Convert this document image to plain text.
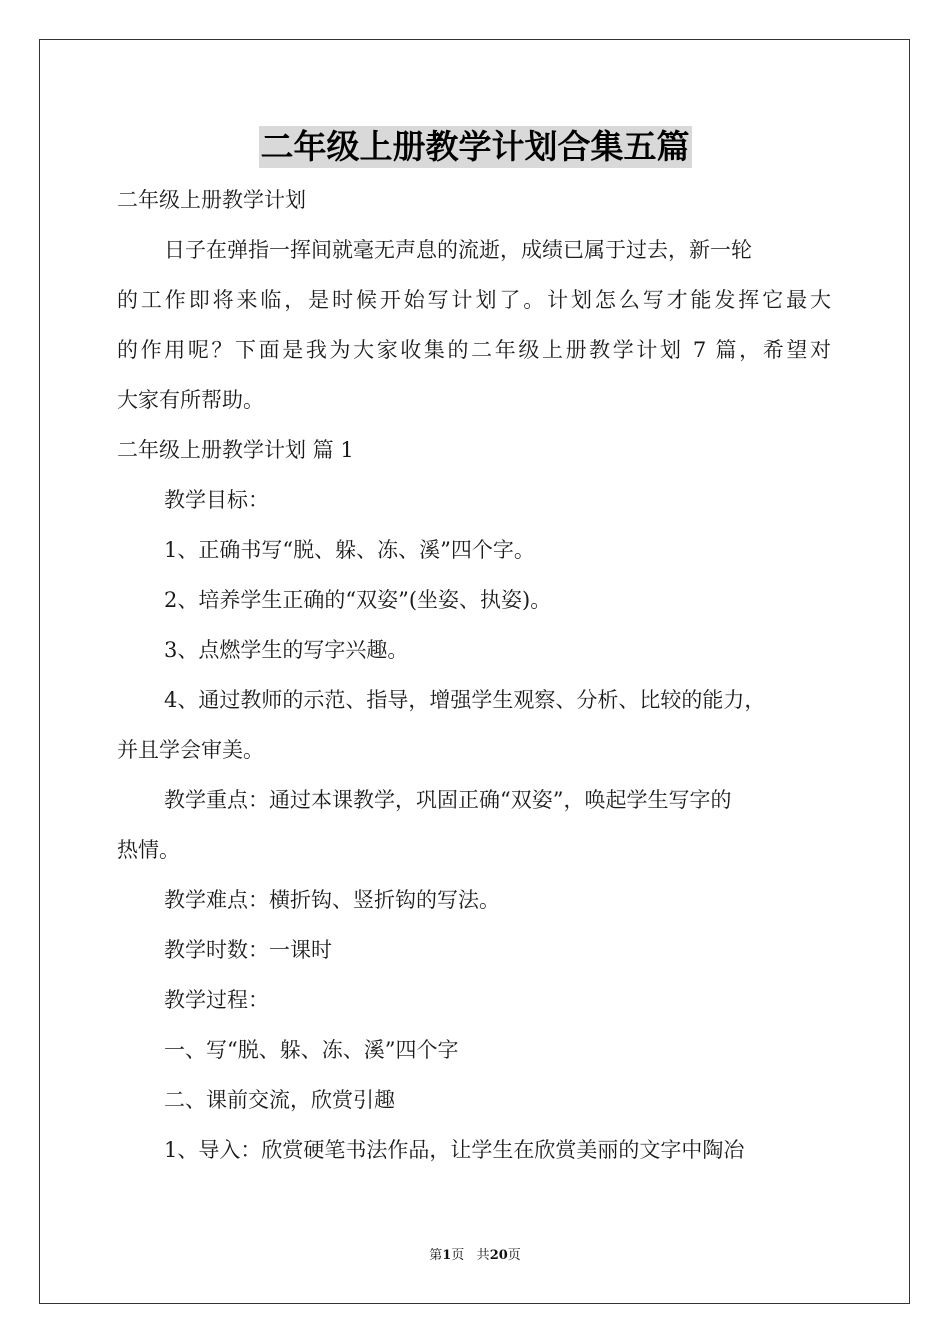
二年级上册教学计划合集五篇
二年级上册教学计划
日子在弹指一挥间就毫无声息的流逝，成绩已属于过去，新一轮
的工作即将来临，是时候开始写计划了。计划怎么写才能发挥它最大
的作用呢？下面是我为大家收集的二年级上册教学计划 7 篇，希望对
大家有所帮助。
二年级上册教学计划 篇 1
教学目标：
1、正确书写“脱、躲、冻、溪”四个字。
2、培养学生正确的“双姿”(坐姿、执姿)。
3、点燃学生的写字兴趣。
4、通过教师的示范、指导，增强学生观察、分析、比较的能力，
并且学会审美。
教学重点：通过本课教学，巩固正确“双姿”，唤起学生写字的
热情。
教学难点：横折钩、竖折钩的写法。
教学时数：一课时
教学过程：
一、写“脱、躲、冻、溪”四个字
二、课前交流，欣赏引趣
1、导入：欣赏硬笔书法作品，让学生在欣赏美丽的文字中陶冶
第1页 共20页
